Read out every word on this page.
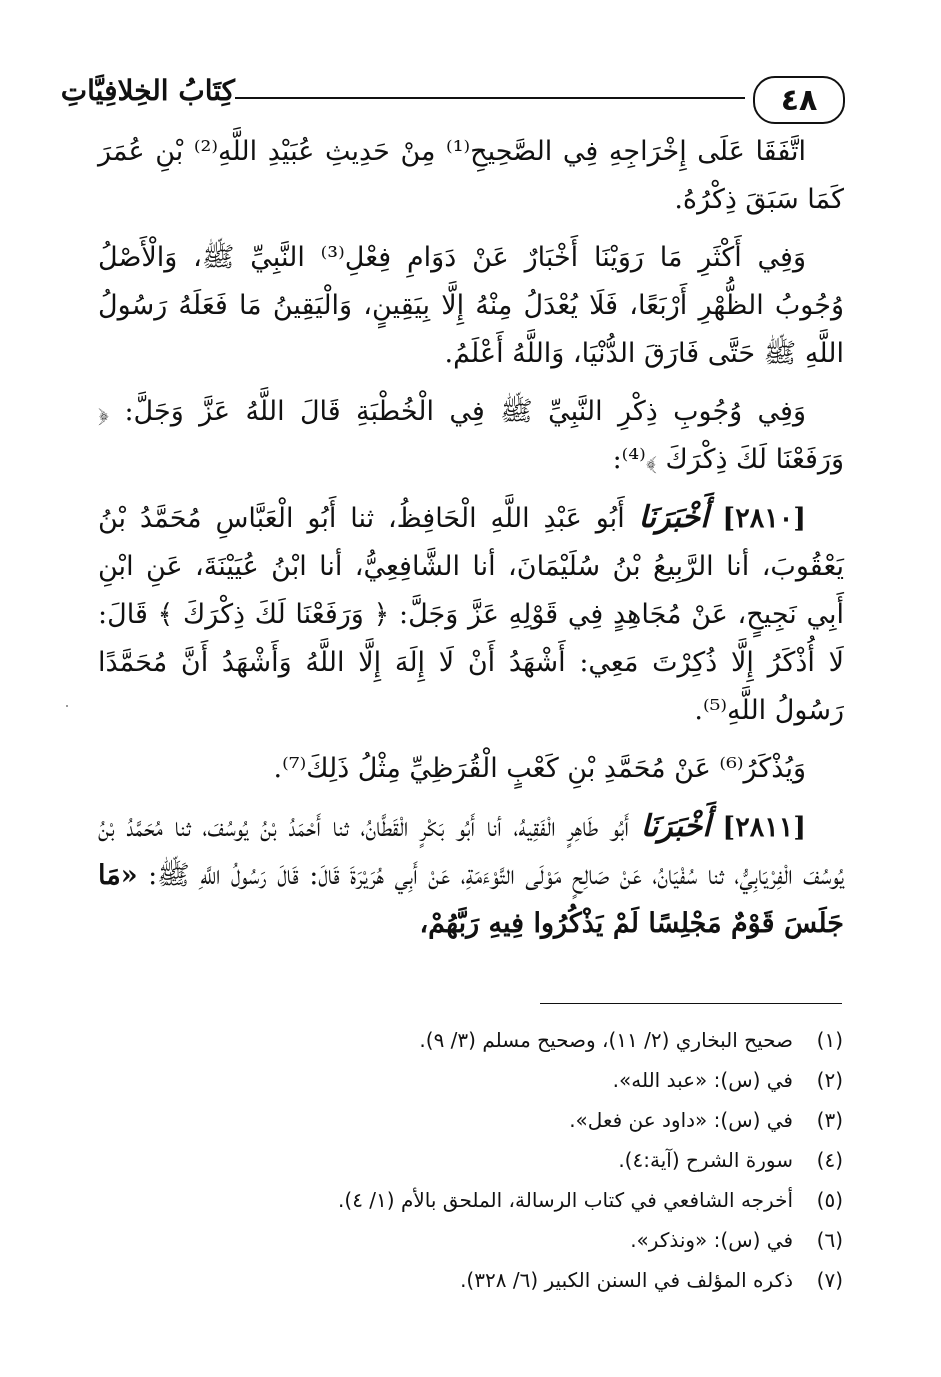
كِتَابُ الخِلافِيَّاتِ	٤٨

اتَّفَقَا عَلَى إِخْرَاجِهِ فِي الصَّحِيحِ⁽¹⁾ مِنْ حَدِيثِ عُبَيْدِ اللَّهِ⁽²⁾ بْنِ عُمَرَ كَمَا سَبَقَ ذِكْرُهُ.

وَفِي أَكْثَرِ مَا رَوَيْنَا أَخْبَارٌ عَنْ دَوَامِ فِعْلِ⁽³⁾ النَّبِيِّ ﷺ، وَالْأَصْلُ وُجُوبُ الظُّهْرِ أَرْبَعًا، فَلَا يُعْدَلُ مِنْهُ إِلَّا بِيَقِينٍ، وَالْيَقِينُ مَا فَعَلَهُ رَسُولُ اللَّهِ ﷺ حَتَّى فَارَقَ الدُّنْيَا، وَاللَّهُ أَعْلَمُ.

وَفِي وُجُوبِ ذِكْرِ النَّبِيِّ ﷺ فِي الْخُطْبَةِ قَالَ اللَّهُ عَزَّ وَجَلَّ: ﴿ وَرَفَعْنَا لَكَ ذِكْرَكَ ﴾⁽⁴⁾:

[٢٨١٠] أَخْبَرَنَا أَبُو عَبْدِ اللَّهِ الْحَافِظُ، ثنا أَبُو الْعَبَّاسِ مُحَمَّدُ بْنُ يَعْقُوبَ، أنا الرَّبِيعُ بْنُ سُلَيْمَانَ، أنا الشَّافِعِيُّ، أنا ابْنُ عُيَيْنَةَ، عَنِ ابْنِ أَبِي نَجِيحٍ، عَنْ مُجَاهِدٍ فِي قَوْلِهِ عَزَّ وَجَلَّ: ﴿ وَرَفَعْنَا لَكَ ذِكْرَكَ ﴾ قَالَ: لَا أُذْكَرُ إِلَّا ذُكِرْتَ مَعِي: أَشْهَدُ أَنْ لَا إِلَهَ إِلَّا اللَّهُ وَأَشْهَدُ أَنَّ مُحَمَّدًا رَسُولُ اللَّهِ⁽⁵⁾.

وَيُذْكَرُ⁽⁶⁾ عَنْ مُحَمَّدِ بْنِ كَعْبٍ الْقُرَظِيِّ مِثْلُ ذَلِكَ⁽⁷⁾.

[٢٨١١] أَخْبَرَنَا أَبُو طَاهِرٍ الْفَقِيهُ، أنا أَبُو بَكْرٍ الْقَطَّانُ، ثنا أَحْمَدُ بْنُ يُوسُفَ، ثنا مُحَمَّدُ بْنُ يُوسُفَ الْفِرْيَابِيُّ، ثنا سُفْيَانُ، عَنْ صَالِحٍ مَوْلَى التَّوْءَمَةِ، عَنْ أَبِي هُرَيْرَةَ قَالَ: قَالَ رَسُولُ اللَّهِ ﷺ: «مَا جَلَسَ قَوْمٌ مَجْلِسًا لَمْ يَذْكُرُوا فِيهِ رَبَّهُمْ،

(١)
صحيح البخاري (٢/ ١١)، وصحيح مسلم (٣/ ٩).
(٢)
في (س): «عبد الله».
(٣)
في (س): «داود عن فعل».
(٤)
سورة الشرح (آية:٤).
(٥)
أخرجه الشافعي في كتاب الرسالة، الملحق بالأم (١/ ٤).
(٦)
في (س): «ونذكر».
(٧)
ذكره المؤلف في السنن الكبير (٦/ ٣٢٨).
